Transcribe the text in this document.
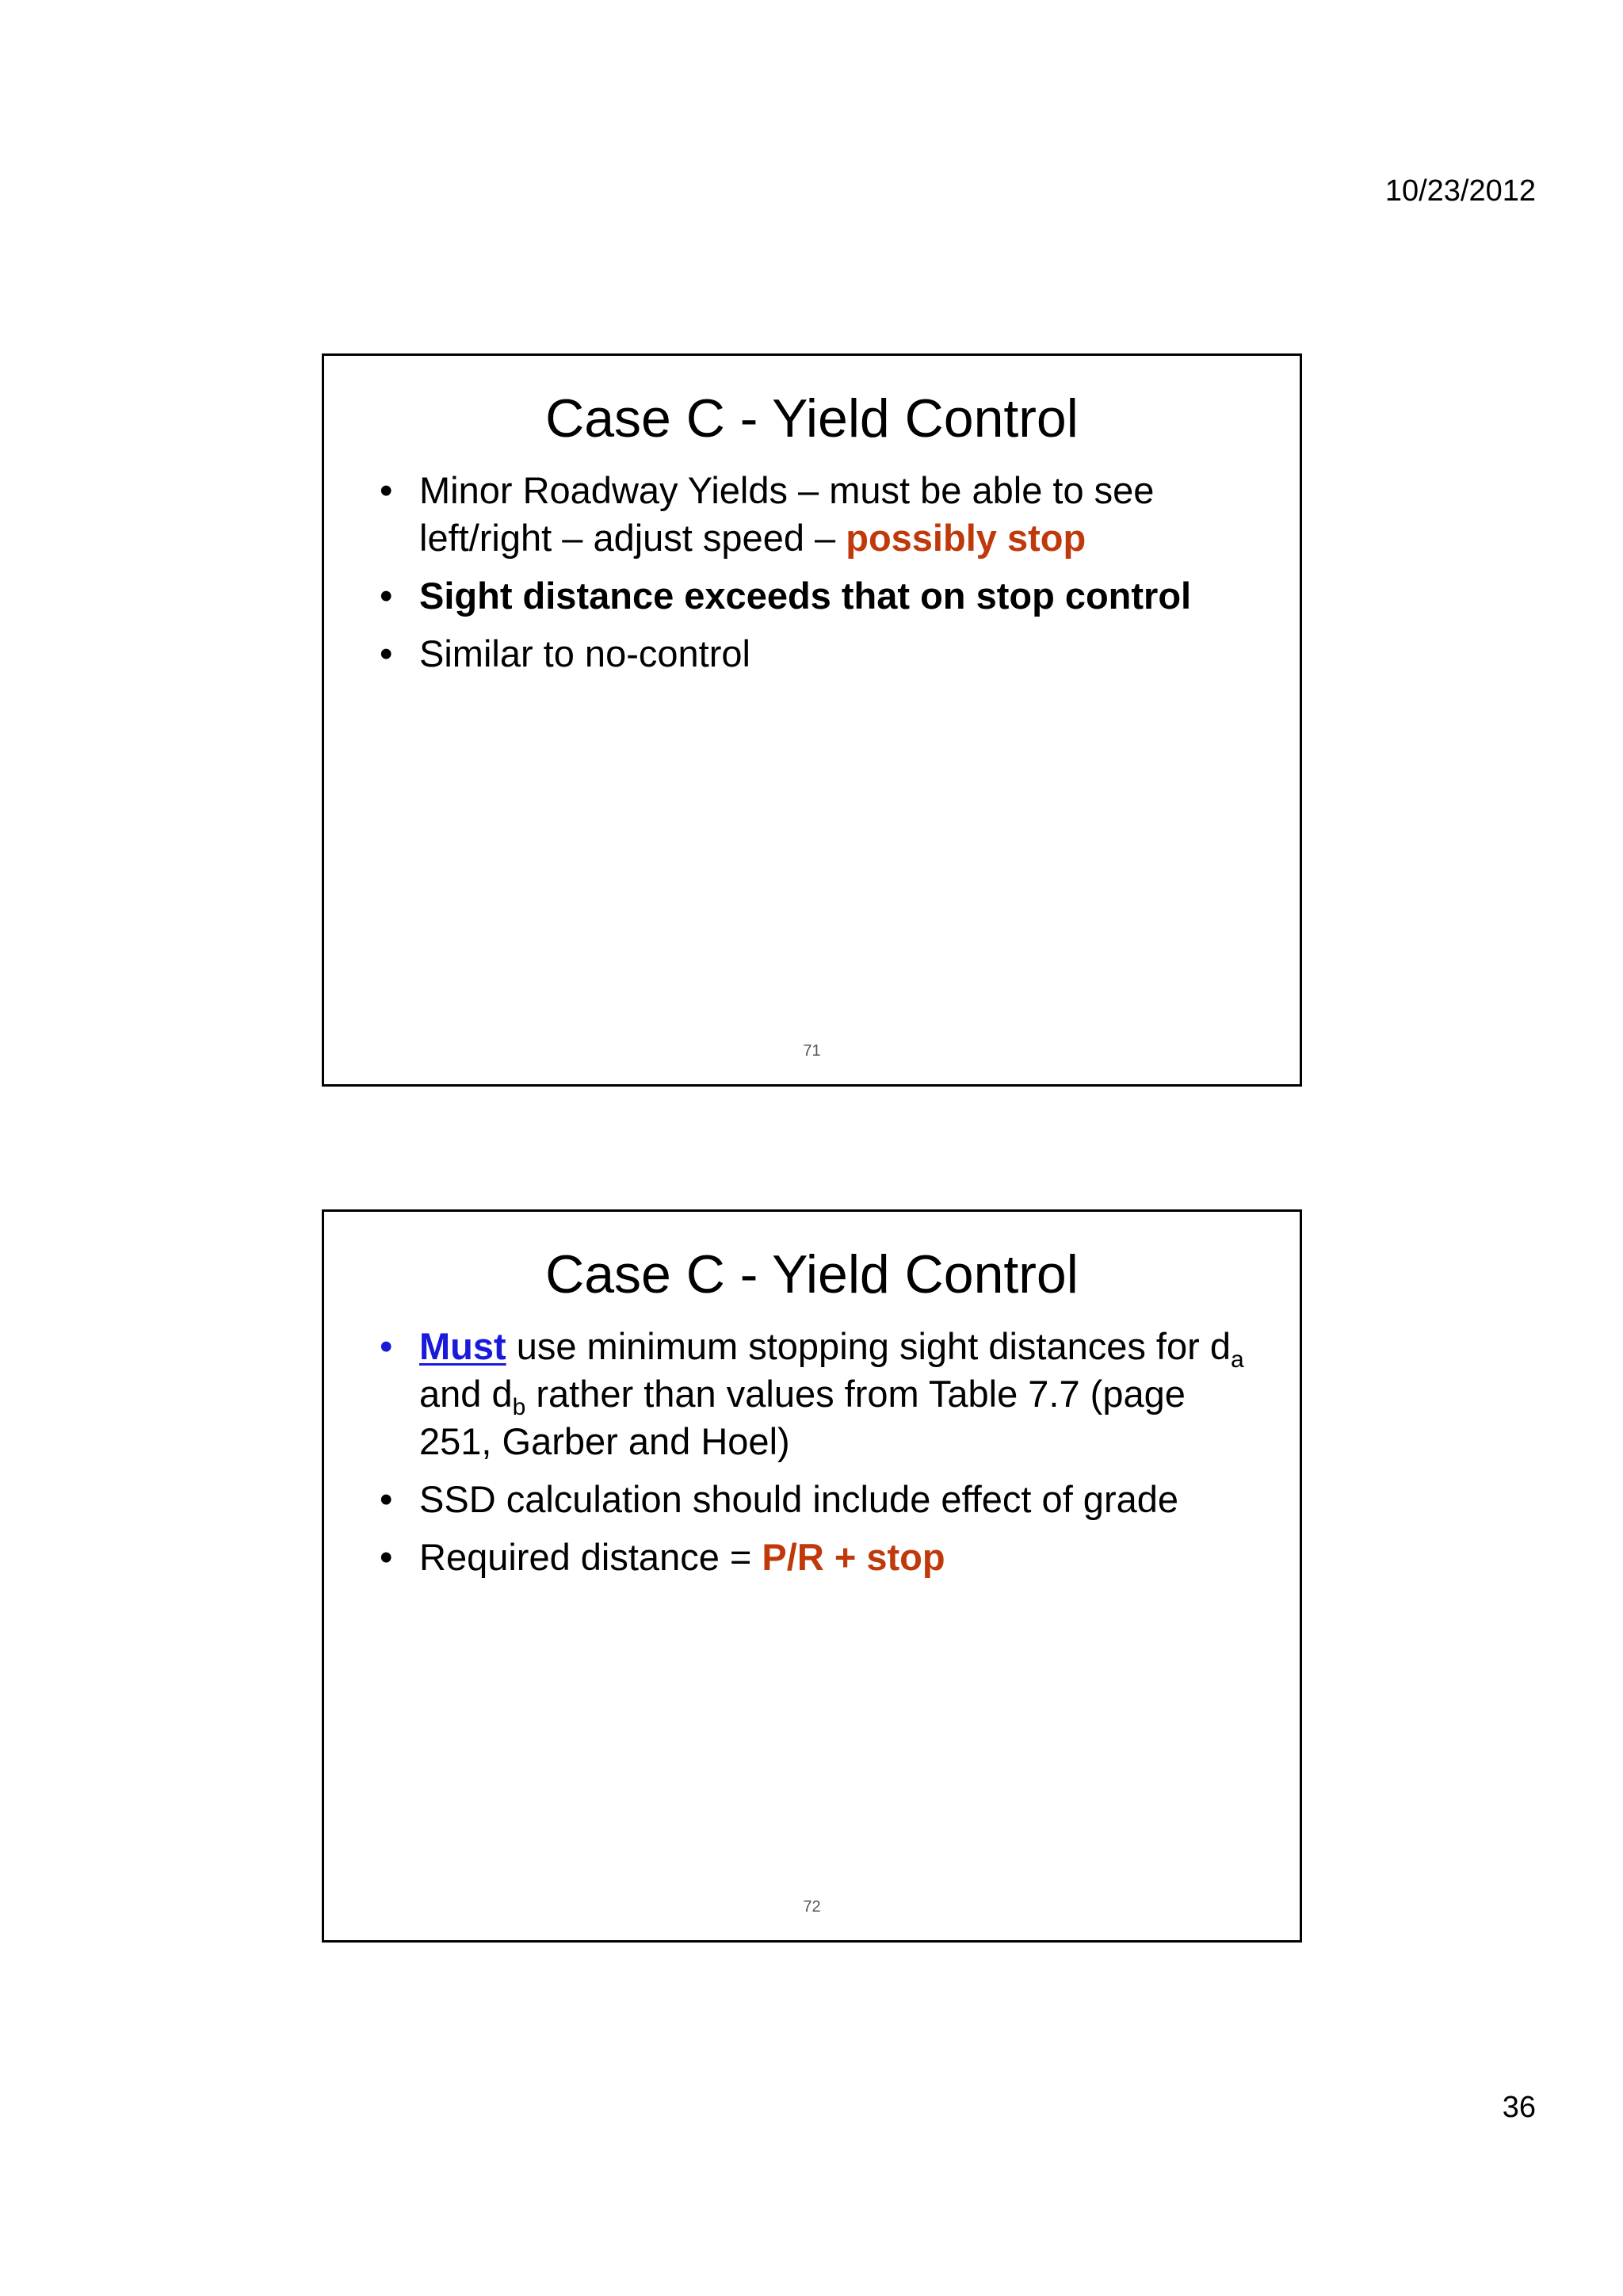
10/23/2012
Case C - Yield Control
• Minor Roadway Yields – must be able to see left/right – adjust speed – possibly stop
• Sight distance exceeds that on stop control
• Similar to no-control
71
Case C - Yield Control
• Must use minimum stopping sight distances for $d_a$ and $d_b$ rather than values from Table 7.7 (page 251, Garber and Hoel)
• SSD calculation should include effect of grade
• Required distance = P/R + stop
72
36
